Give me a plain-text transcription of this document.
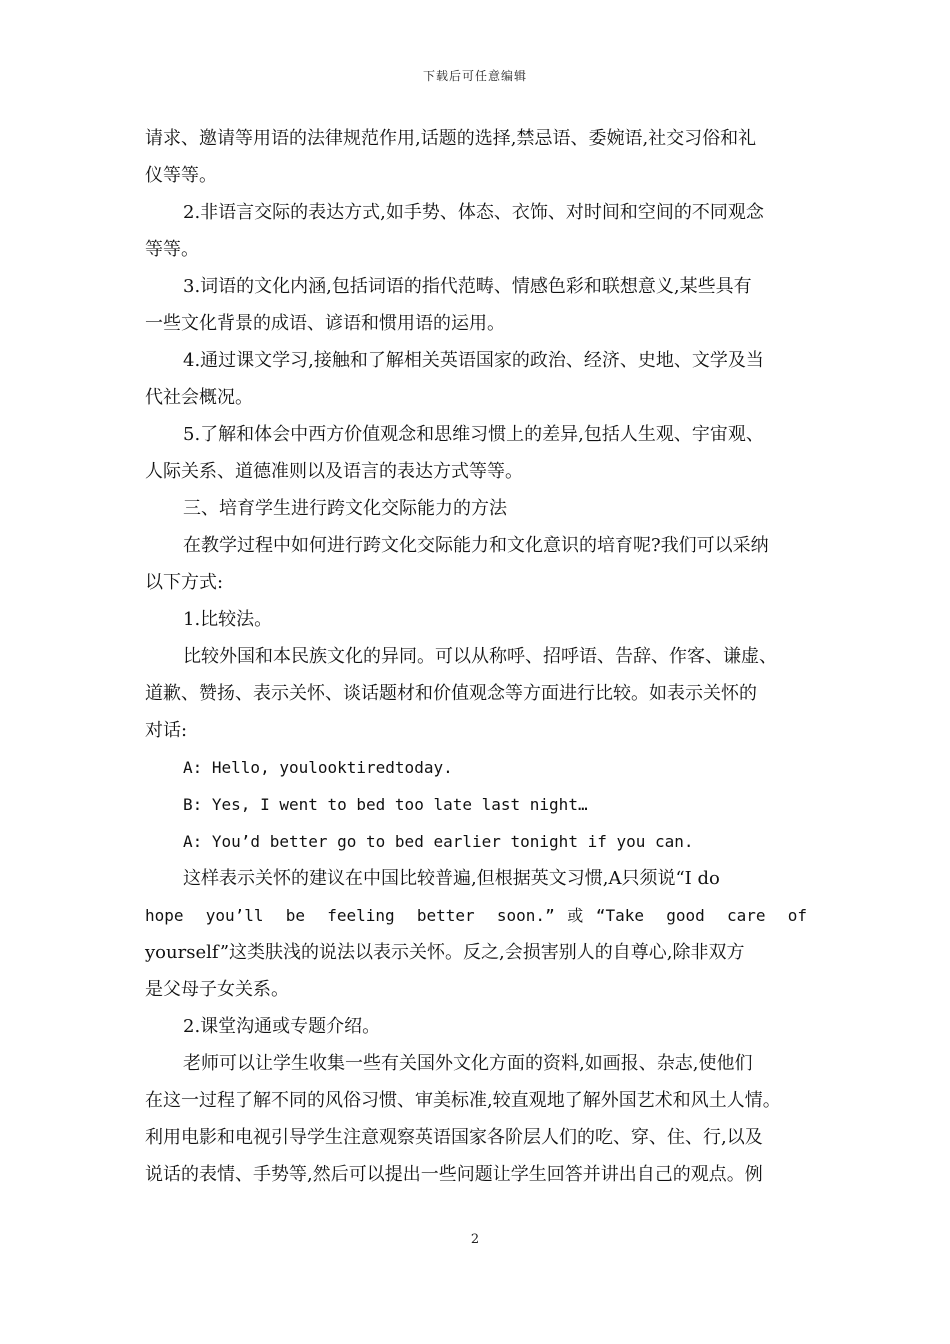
下载后可任意编辑
请求、邀请等用语的法律规范作用,话题的选择,禁忌语、委婉语,社交习俗和礼
仪等等。
2.非语言交际的表达方式,如手势、体态、衣饰、对时间和空间的不同观念
等等。
3.词语的文化内涵,包括词语的指代范畴、情感色彩和联想意义,某些具有
一些文化背景的成语、谚语和惯用语的运用。
4.通过课文学习,接触和了解相关英语国家的政治、经济、史地、文学及当
代社会概况。
5.了解和体会中西方价值观念和思维习惯上的差异,包括人生观、宇宙观、
人际关系、道德准则以及语言的表达方式等等。
三、培育学生进行跨文化交际能力的方法
在教学过程中如何进行跨文化交际能力和文化意识的培育呢?我们可以采纳
以下方式:
1.比较法。
比较外国和本民族文化的异同。可以从称呼、招呼语、告辞、作客、谦虚、
道歉、赞扬、表示关怀、谈话题材和价值观念等方面进行比较。如表示关怀的
对话:
A: Hello, youlooktiredtoday.
B: Yes, I went to bed too late last night…
A: You’d better go to bed earlier tonight if you can.
这样表示关怀的建议在中国比较普遍,但根据英文习惯,A只须说“I do
hope you’ll be feeling better soon.”或“Take good care of
yourself”这类肤浅的说法以表示关怀。反之,会损害别人的自尊心,除非双方
是父母子女关系。
2.课堂沟通或专题介绍。
老师可以让学生收集一些有关国外文化方面的资料,如画报、杂志,使他们
在这一过程了解不同的风俗习惯、审美标准,较直观地了解外国艺术和风土人情。
利用电影和电视引导学生注意观察英语国家各阶层人们的吃、穿、住、行,以及
说话的表情、手势等,然后可以提出一些问题让学生回答并讲出自己的观点。例
2
